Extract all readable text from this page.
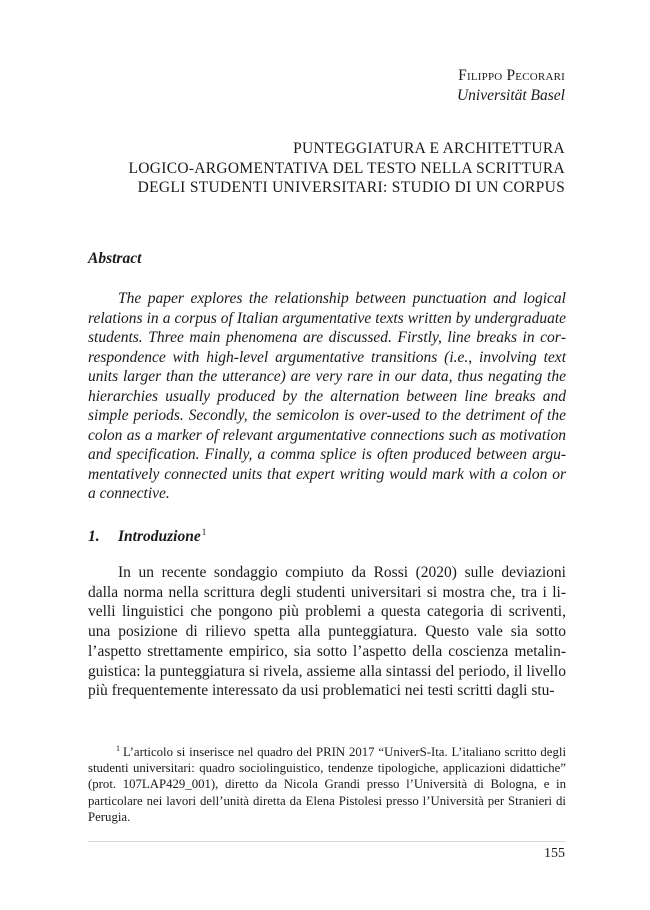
Filippo Pecorari
Universität Basel
PUNTEGGIATURA E ARCHITETTURA
LOGICO-ARGOMENTATIVA DEL TESTO NELLA SCRITTURA
DEGLI STUDENTI UNIVERSITARI: STUDIO DI UN CORPUS
Abstract

The paper explores the relationship between punctuation and logical relations in a corpus of Italian argumentative texts written by undergraduate students. Three main phenomena are discussed. Firstly, line breaks in correspondence with high-level argumentative transitions (i.e., involving text units larger than the utterance) are very rare in our data, thus negating the hierarchies usually produced by the alternation between line breaks and simple periods. Secondly, the semicolon is over-used to the detriment of the colon as a marker of relevant argumentative connections such as motivation and specification. Finally, a comma splice is often produced between argumentatively connected units that expert writing would mark with a colon or a connective.

1. Introduzione$^1$

In un recente sondaggio compiuto da Rossi (2020) sulle deviazioni dalla norma nella scrittura degli studenti universitari si mostra che, tra i livelli linguistici che pongono più problemi a questa categoria di scriventi, una posizione di rilievo spetta alla punteggiatura. Questo vale sia sotto l’aspetto strettamente empirico, sia sotto l’aspetto della coscienza metalinguistica: la punteggiatura si rivela, assieme alla sintassi del periodo, il livello più frequentemente interessato da usi problematici nei testi scritti dagli stu-

$^1$ L’articolo si inserisce nel quadro del PRIN 2017 “UniverS-Ita. L’italiano scritto degli studenti universitari: quadro sociolinguistico, tendenze tipologiche, applicazioni didattiche” (prot. 107LAP429_001), diretto da Nicola Grandi presso l’Università di Bologna, e in particolare nei lavori dell’unità diretta da Elena Pistolesi presso l’Università per Stranieri di Perugia.

155
